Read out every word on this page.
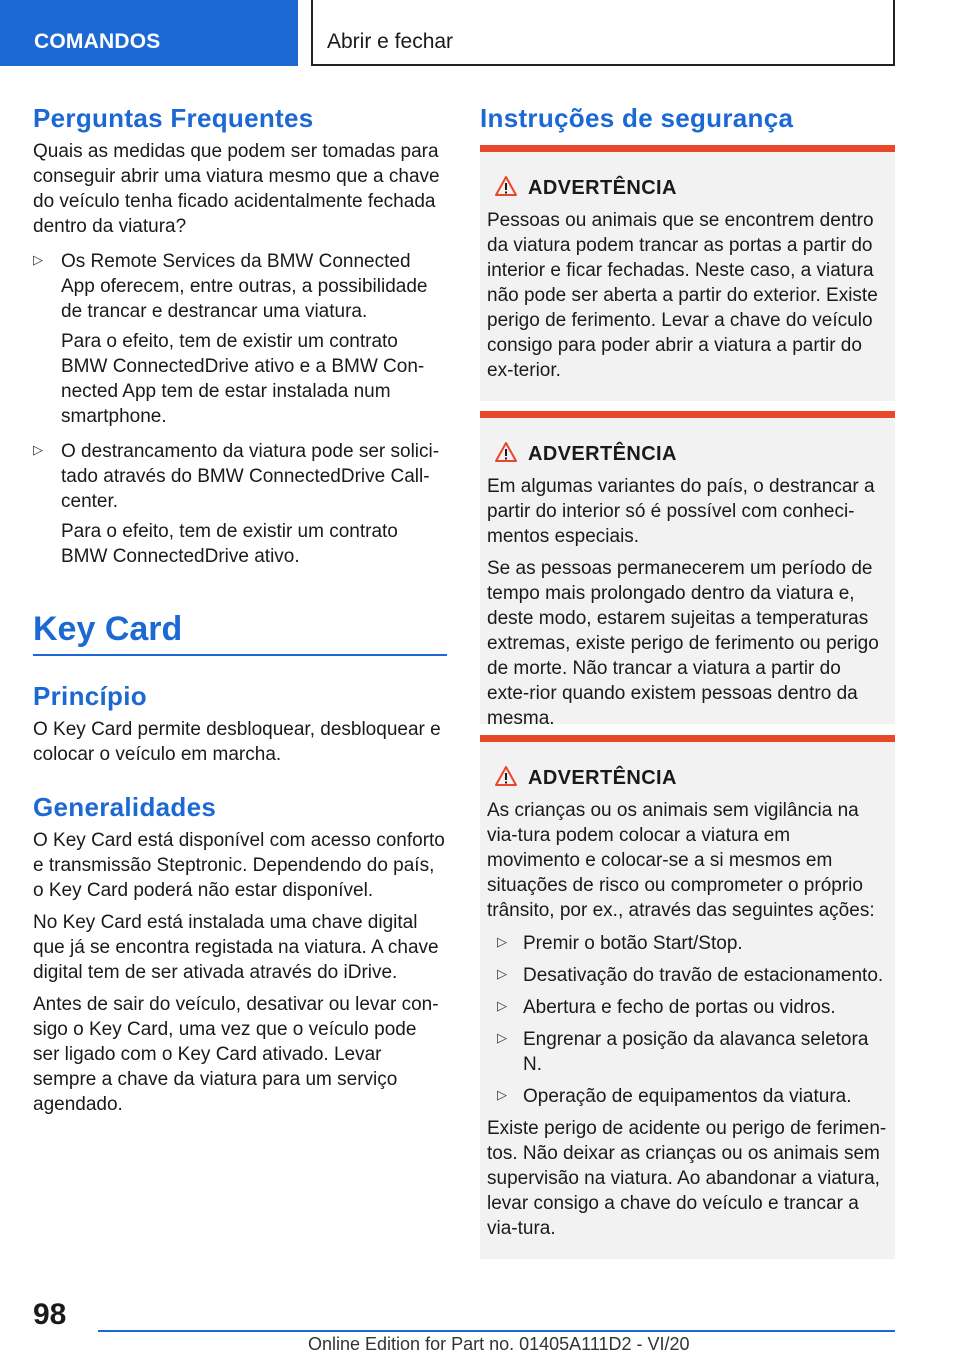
COMANDOS	Abrir e fechar
Perguntas Frequentes
Quais as medidas que podem ser tomadas para conseguir abrir uma viatura mesmo que a chave do veículo tenha ficado acidentalmente fechada dentro da viatura?
▷ Os Remote Services da BMW Connected App oferecem, entre outras, a possibilidade de trancar e destrancar uma viatura.
Para o efeito, tem de existir um contrato BMW ConnectedDrive ativo e a BMW Con-nected App tem de estar instalada num smartphone.
▷ O destrancamento da viatura pode ser solici-tado através do BMW ConnectedDrive Call-center.
Para o efeito, tem de existir um contrato BMW ConnectedDrive ativo.
Key Card
Princípio
O Key Card permite desbloquear, desbloquear e colocar o veículo em marcha.
Generalidades
O Key Card está disponível com acesso conforto e transmissão Steptronic. Dependendo do país, o Key Card poderá não estar disponível.
No Key Card está instalada uma chave digital que já se encontra registada na viatura. A chave digital tem de ser ativada através do iDrive.
Antes de sair do veículo, desativar ou levar con-sigo o Key Card, uma vez que o veículo pode ser ligado com o Key Card ativado. Levar sempre a chave da viatura para um serviço agendado.
Instruções de segurança
ADVERTÊNCIA
Pessoas ou animais que se encontrem dentro da viatura podem trancar as portas a partir do interior e ficar fechadas. Neste caso, a viatura não pode ser aberta a partir do exterior. Existe perigo de ferimento. Levar a chave do veículo consigo para poder abrir a viatura a partir do ex-terior.
ADVERTÊNCIA
Em algumas variantes do país, o destrancar a partir do interior só é possível com conheci-mentos especiais.
Se as pessoas permanecerem um período de tempo mais prolongado dentro da viatura e, deste modo, estarem sujeitas a temperaturas extremas, existe perigo de ferimento ou perigo de morte. Não trancar a viatura a partir do exte-rior quando existem pessoas dentro da mesma.
ADVERTÊNCIA
As crianças ou os animais sem vigilância na via-tura podem colocar a viatura em movimento e colocar-se a si mesmos em situações de risco ou comprometer o próprio trânsito, por ex., através das seguintes ações:
▷ Premir o botão Start/Stop.
▷ Desativação do travão de estacionamento.
▷ Abertura e fecho de portas ou vidros.
▷ Engrenar a posição da alavanca seletora N.
▷ Operação de equipamentos da viatura.
Existe perigo de acidente ou perigo de ferimen-tos. Não deixar as crianças ou os animais sem supervisão na viatura. Ao abandonar a viatura, levar consigo a chave do veículo e trancar a via-tura.
98
Online Edition for Part no. 01405A111D2 - VI/20
